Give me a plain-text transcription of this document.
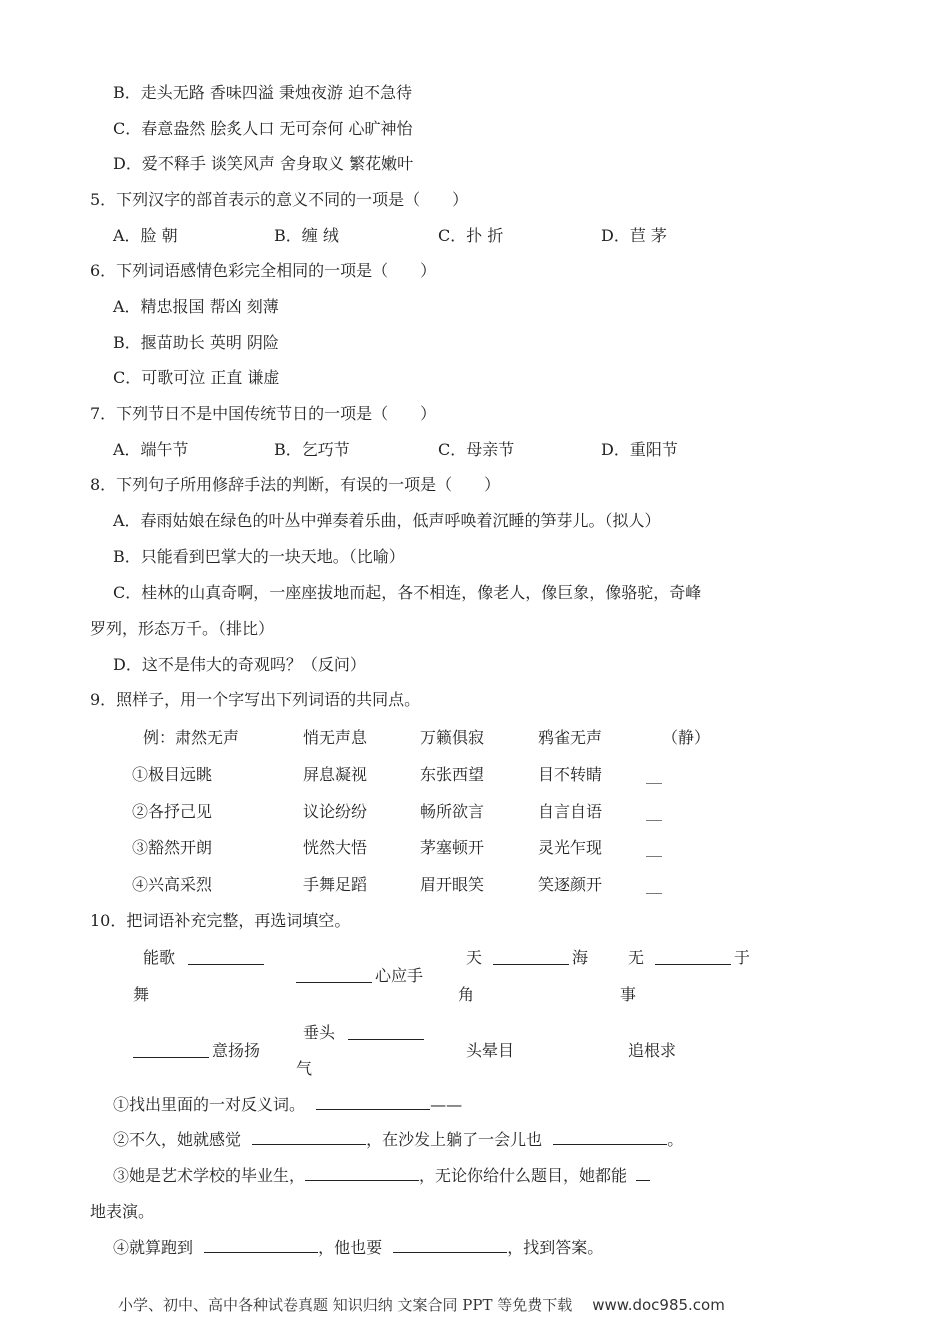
B．走头无路 香味四溢 秉烛夜游 迫不急待
C．春意盎然 脍炙人口 无可奈何 心旷神怡
D．爱不释手 谈笑风声 舍身取义 繁花嫩叶
5．下列汉字的部首表示的意义不同的一项是（　　）
A．脸 朝	B．缠 绒	C．扑 折	D．苣 茅
6．下列词语感情色彩完全相同的一项是（　　）
A．精忠报国 帮凶 刻薄
B．揠苗助长 英明 阴险
C．可歌可泣 正直 谦虚
7．下列节日不是中国传统节日的一项是（　　）
A．端午节	B．乞巧节	C．母亲节	D．重阳节
8．下列句子所用修辞手法的判断，有误的一项是（　　）
A．春雨姑娘在绿色的叶丛中弹奏着乐曲，低声呼唤着沉睡的笋芽儿。（拟人）
B．只能看到巴掌大的一块天地。（比喻）
C．桂林的山真奇啊，一座座拔地而起，各不相连，像老人，像巨象，像骆驼，奇峰
罗列，形态万千。（排比）
D．这不是伟大的奇观吗？（反问）
9．照样子，用一个字写出下列词语的共同点。
例：肃然无声	悄无声息	万籁俱寂	鸦雀无声	（静）
①极目远眺	屏息凝视	东张西望	目不转睛	__
②各抒己见	议论纷纷	畅所欲言	自言自语	__
③豁然开朗	恍然大悟	茅塞顿开	灵光乍现	__
④兴高采烈	手舞足蹈	眉开眼笑	笑逐颜开	__
10．把词语补充完整，再选词填空。
能歌
舞
心应手
天	海
角
无	于
事
意扬扬
垂头
气
头晕目	追根求
①找出里面的一对反义词。	——
②不久，她就感觉	，在沙发上躺了一会儿也	。
③她是艺术学校的毕业生，	，无论你给什么题目，她都能
地表演。
④就算跑到	，他也要	，找到答案。
小学、初中、高中各种试卷真题 知识归纳 文案合同 PPT 等免费下载 www.doc985.com
